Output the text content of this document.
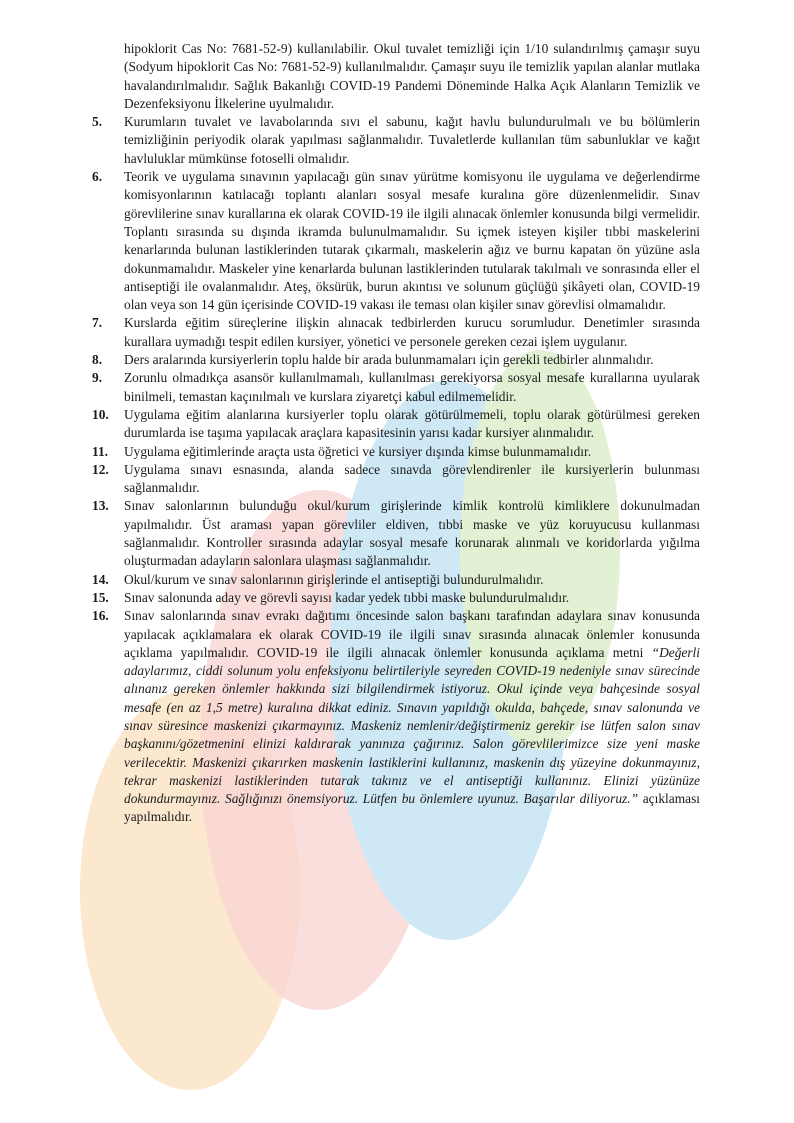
hipoklorit Cas No: 7681-52-9) kullanılabilir. Okul tuvalet temizliği için 1/10 sulandırılmış çamaşır suyu (Sodyum hipoklorit Cas No: 7681-52-9) kullanılmalıdır. Çamaşır suyu ile temizlik yapılan alanlar mutlaka havalandırılmalıdır. Sağlık Bakanlığı COVID-19 Pandemi Döneminde Halka Açık Alanların Temizlik ve Dezenfeksiyonu İlkelerine uyulmalıdır.
5.	Kurumların tuvalet ve lavabolarında sıvı el sabunu, kağıt havlu bulundurulmalı ve bu bölümlerin temizliğinin periyodik olarak yapılması sağlanmalıdır. Tuvaletlerde kullanılan tüm sabunluklar ve kağıt havluluklar mümkünse fotoselli olmalıdır.
6.	Teorik ve uygulama sınavının yapılacağı gün sınav yürütme komisyonu ile uygulama ve değerlendirme komisyonlarının katılacağı toplantı alanları sosyal mesafe kuralına göre düzenlenmelidir. Sınav görevlilerine sınav kurallarına ek olarak COVID-19 ile ilgili alınacak önlemler konusunda bilgi vermelidir. Toplantı sırasında su dışında ikramda bulunulmamalıdır. Su içmek isteyen kişiler tıbbi maskelerini kenarlarında bulunan lastiklerinden tutarak çıkarmalı, maskelerin ağız ve burnu kapatan ön yüzüne asla dokunmamalıdır. Maskeler yine kenarlarda bulunan lastiklerinden tutularak takılmalı ve sonrasında eller el antiseptiği ile ovalanmalıdır. Ateş, öksürük, burun akıntısı ve solunum güçlüğü şikâyeti olan, COVID-19 olan veya son 14 gün içerisinde COVID-19 vakası ile teması olan kişiler sınav görevlisi olmamalıdır.
7.	Kurslarda eğitim süreçlerine ilişkin alınacak tedbirlerden kurucu sorumludur. Denetimler sırasında kurallara uymadığı tespit edilen kursiyer, yönetici ve personele gereken cezai işlem uygulanır.
8.	Ders aralarında kursiyerlerin toplu halde bir arada bulunmamaları için gerekli tedbirler alınmalıdır.
9.	Zorunlu olmadıkça asansör kullanılmamalı, kullanılması gerekiyorsa sosyal mesafe kurallarına uyularak binilmeli, temastan kaçınılmalı ve kurslara ziyaretçi kabul edilmemelidir.
10.	Uygulama eğitim alanlarına kursiyerler toplu olarak götürülmemeli, toplu olarak götürülmesi gereken durumlarda ise taşıma yapılacak araçlara kapasitesinin yarısı kadar kursiyer alınmalıdır.
11.	Uygulama eğitimlerinde araçta usta öğretici ve kursiyer dışında kimse bulunmamalıdır.
12.	Uygulama sınavı esnasında, alanda sadece sınavda görevlendirenler ile kursiyerlerin bulunması sağlanmalıdır.
13.	Sınav salonlarının bulunduğu okul/kurum girişlerinde kimlik kontrolü kimliklere dokunulmadan yapılmalıdır. Üst araması yapan görevliler eldiven, tıbbi maske ve yüz koruyucusu kullanması sağlanmalıdır. Kontroller sırasında adaylar sosyal mesafe korunarak alınmalı ve koridorlarda yığılma oluşturmadan adayların salonlara ulaşması sağlanmalıdır.
14.	Okul/kurum ve sınav salonlarının girişlerinde el antiseptiği bulundurulmalıdır.
15.	Sınav salonunda aday ve görevli sayısı kadar yedek tıbbi maske bulundurulmalıdır.
16.	Sınav salonlarında sınav evrakı dağıtımı öncesinde salon başkanı tarafından adaylara sınav konusunda yapılacak açıklamalara ek olarak COVID-19 ile ilgili sınav sırasında alınacak önlemler konusunda açıklama yapılmalıdır. COVID-19 ile ilgili alınacak önlemler konusunda açıklama metni “Değerli adaylarımız, ciddi solunum yolu enfeksiyonu belirtileriyle seyreden COVID-19 nedeniyle sınav sürecinde alınanız gereken önlemler hakkında sizi bilgilendirmek istiyoruz. Okul içinde veya bahçesinde sosyal mesafe (en az 1,5 metre) kuralına dikkat ediniz. Sınavın yapıldığı okulda, bahçede, sınav salonunda ve sınav süresince maskenizi çıkarmayınız. Maskeniz nemlenir/değiştirmeniz gerekir ise lütfen salon sınav başkanını/gözetmenini elinizi kaldırarak yanınıza çağırınız. Salon görevlilerimizce size yeni maske verilecektir. Maskenizi çıkarırken maskenin lastiklerini kullanınız, maskenin dış yüzeyine dokunmayınız, tekrar maskenizi lastiklerinden tutarak takınız ve el antiseptiği kullanınız. Elinizi yüzünüze dokundurmayınız. Sağlığınızı önemsiyoruz. Lütfen bu önlemlere uyunuz. Başarılar diliyoruz.” açıklaması yapılmalıdır.
